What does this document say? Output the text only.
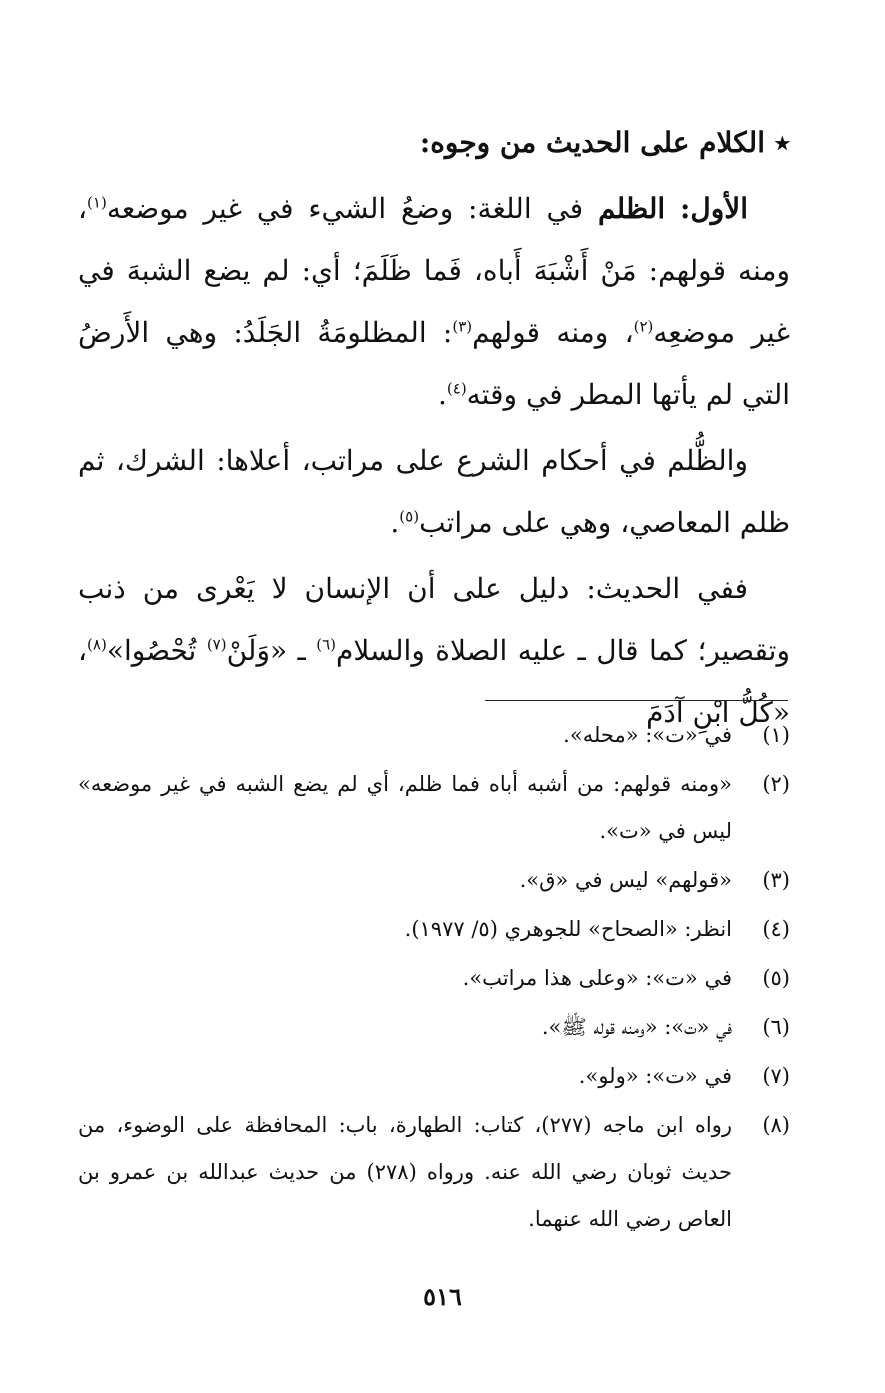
٭ الكلام على الحديث من وجوه:

الأول: الظلم في اللغة: وضعُ الشيء في غير موضعه$^{(١)}$، ومنه قولهم: مَنْ أَشْبَهَ أَباه، فَما ظَلَمَ؛ أي: لم يضع الشبهَ في غير موضعِه$^{(٢)}$، ومنه قولهم$^{(٣)}$: المظلومَةُ الجَلَدُ: وهي الأَرضُ التي لم يأتها المطر في وقته$^{(٤)}$.

والظُّلم في أحكام الشرع على مراتب، أعلاها: الشرك، ثم ظلم المعاصي، وهي على مراتب$^{(٥)}$.

ففي الحديث: دليل على أن الإنسان لا يَعْرى من ذنب وتقصير؛ كما قال ـ عليه الصلاة والسلام$^{(٦)}$ ـ «وَلَنْ$^{(٧)}$ تُحْصُوا»$^{(٨)}$، «كُلُّ ابْنِ آدَمَ

(١)
في «ت»: «محله».
(٢)
«ومنه قولهم: من أشبه أباه فما ظلم، أي لم يضع الشبه في غير موضعه» ليس في «ت».
(٣)
«قولهم» ليس في «ق».
(٤)
انظر: «الصحاح» للجوهري (٥/ ١٩٧٧).
(٥)
في «ت»: «وعلى هذا مراتب».
(٦)
في «ت»: «ومنه قوله ﷺ».
(٧)
في «ت»: «ولو».
(٨)
رواه ابن ماجه (٢٧٧)، كتاب: الطهارة، باب: المحافظة على الوضوء، من حديث ثوبان رضي الله عنه. ورواه (٢٧٨) من حديث عبدالله بن عمرو بن العاص رضي الله عنهما.
٥١٦
